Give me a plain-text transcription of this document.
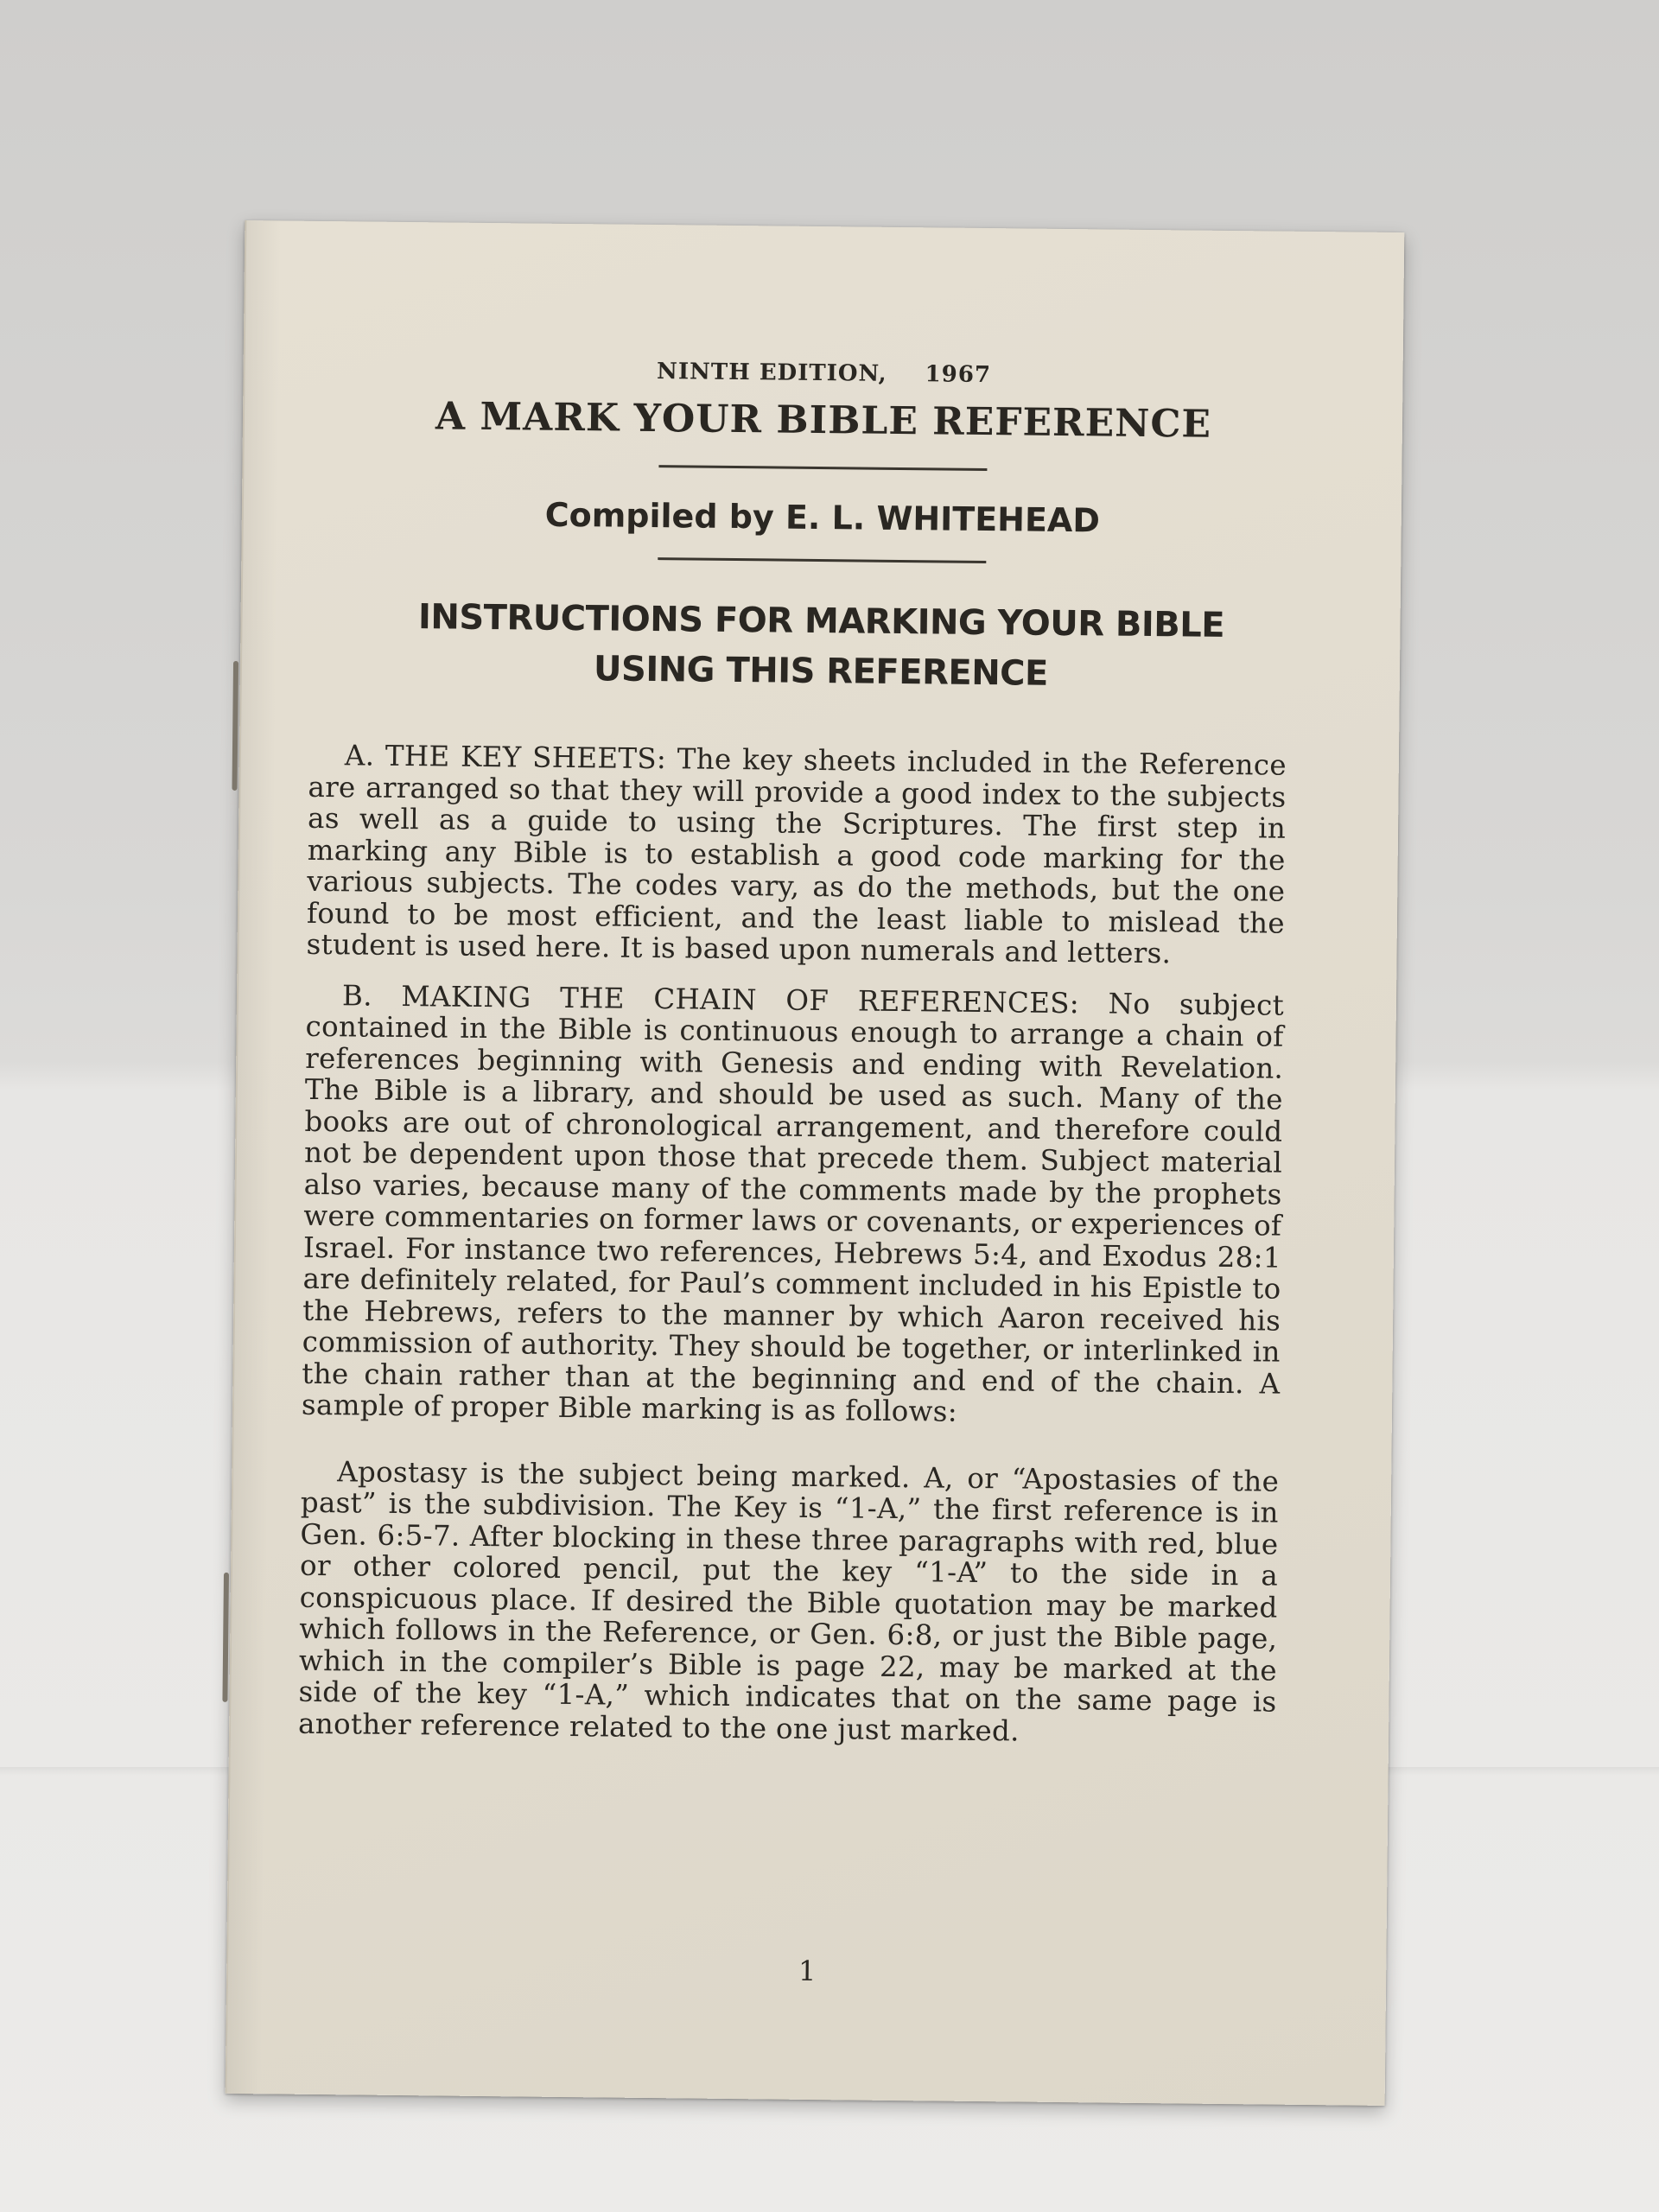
NINTH EDITION, 1967
A MARK YOUR BIBLE REFERENCE
Compiled by E. L. WHITEHEAD
INSTRUCTIONS FOR MARKING YOUR BIBLE
USING THIS REFERENCE

A. THE KEY SHEETS: The key sheets included in the Reference are arranged so that they will provide a good index to the subjects as well as a guide to using the Scriptures. The first step in marking any Bible is to establish a good code marking for the various subjects. The codes vary, as do the methods, but the one found to be most efficient, and the least liable to mislead the student is used here. It is based upon numerals and letters.

B. MAKING THE CHAIN OF REFERENCES: No subject contained in the Bible is continuous enough to arrange a chain of references beginning with Genesis and ending with Revelation. The Bible is a library, and should be used as such. Many of the books are out of chronological arrangement, and therefore could not be dependent upon those that precede them. Subject material also varies, because many of the comments made by the prophets were commentaries on former laws or covenants, or experiences of Israel. For instance two references, Hebrews 5:4, and Exodus 28:1 are definitely related, for Paul’s comment included in his Epistle to the Hebrews, refers to the manner by which Aaron received his commission of authority. They should be together, or interlinked in the chain rather than at the beginning and end of the chain. A sample of proper Bible marking is as follows:

Apostasy is the subject being marked. A, or “Apostasies of the past” is the subdivision. The Key is “1-A,” the first reference is in Gen. 6:5-7. After blocking in these three paragraphs with red, blue or other colored pencil, put the key “1-A” to the side in a conspicuous place. If desired the Bible quotation may be marked which follows in the Reference, or Gen. 6:8, or just the Bible page, which in the compiler’s Bible is page 22, may be marked at the side of the key “1-A,” which indicates that on the same page is another reference related to the one just marked.

1
